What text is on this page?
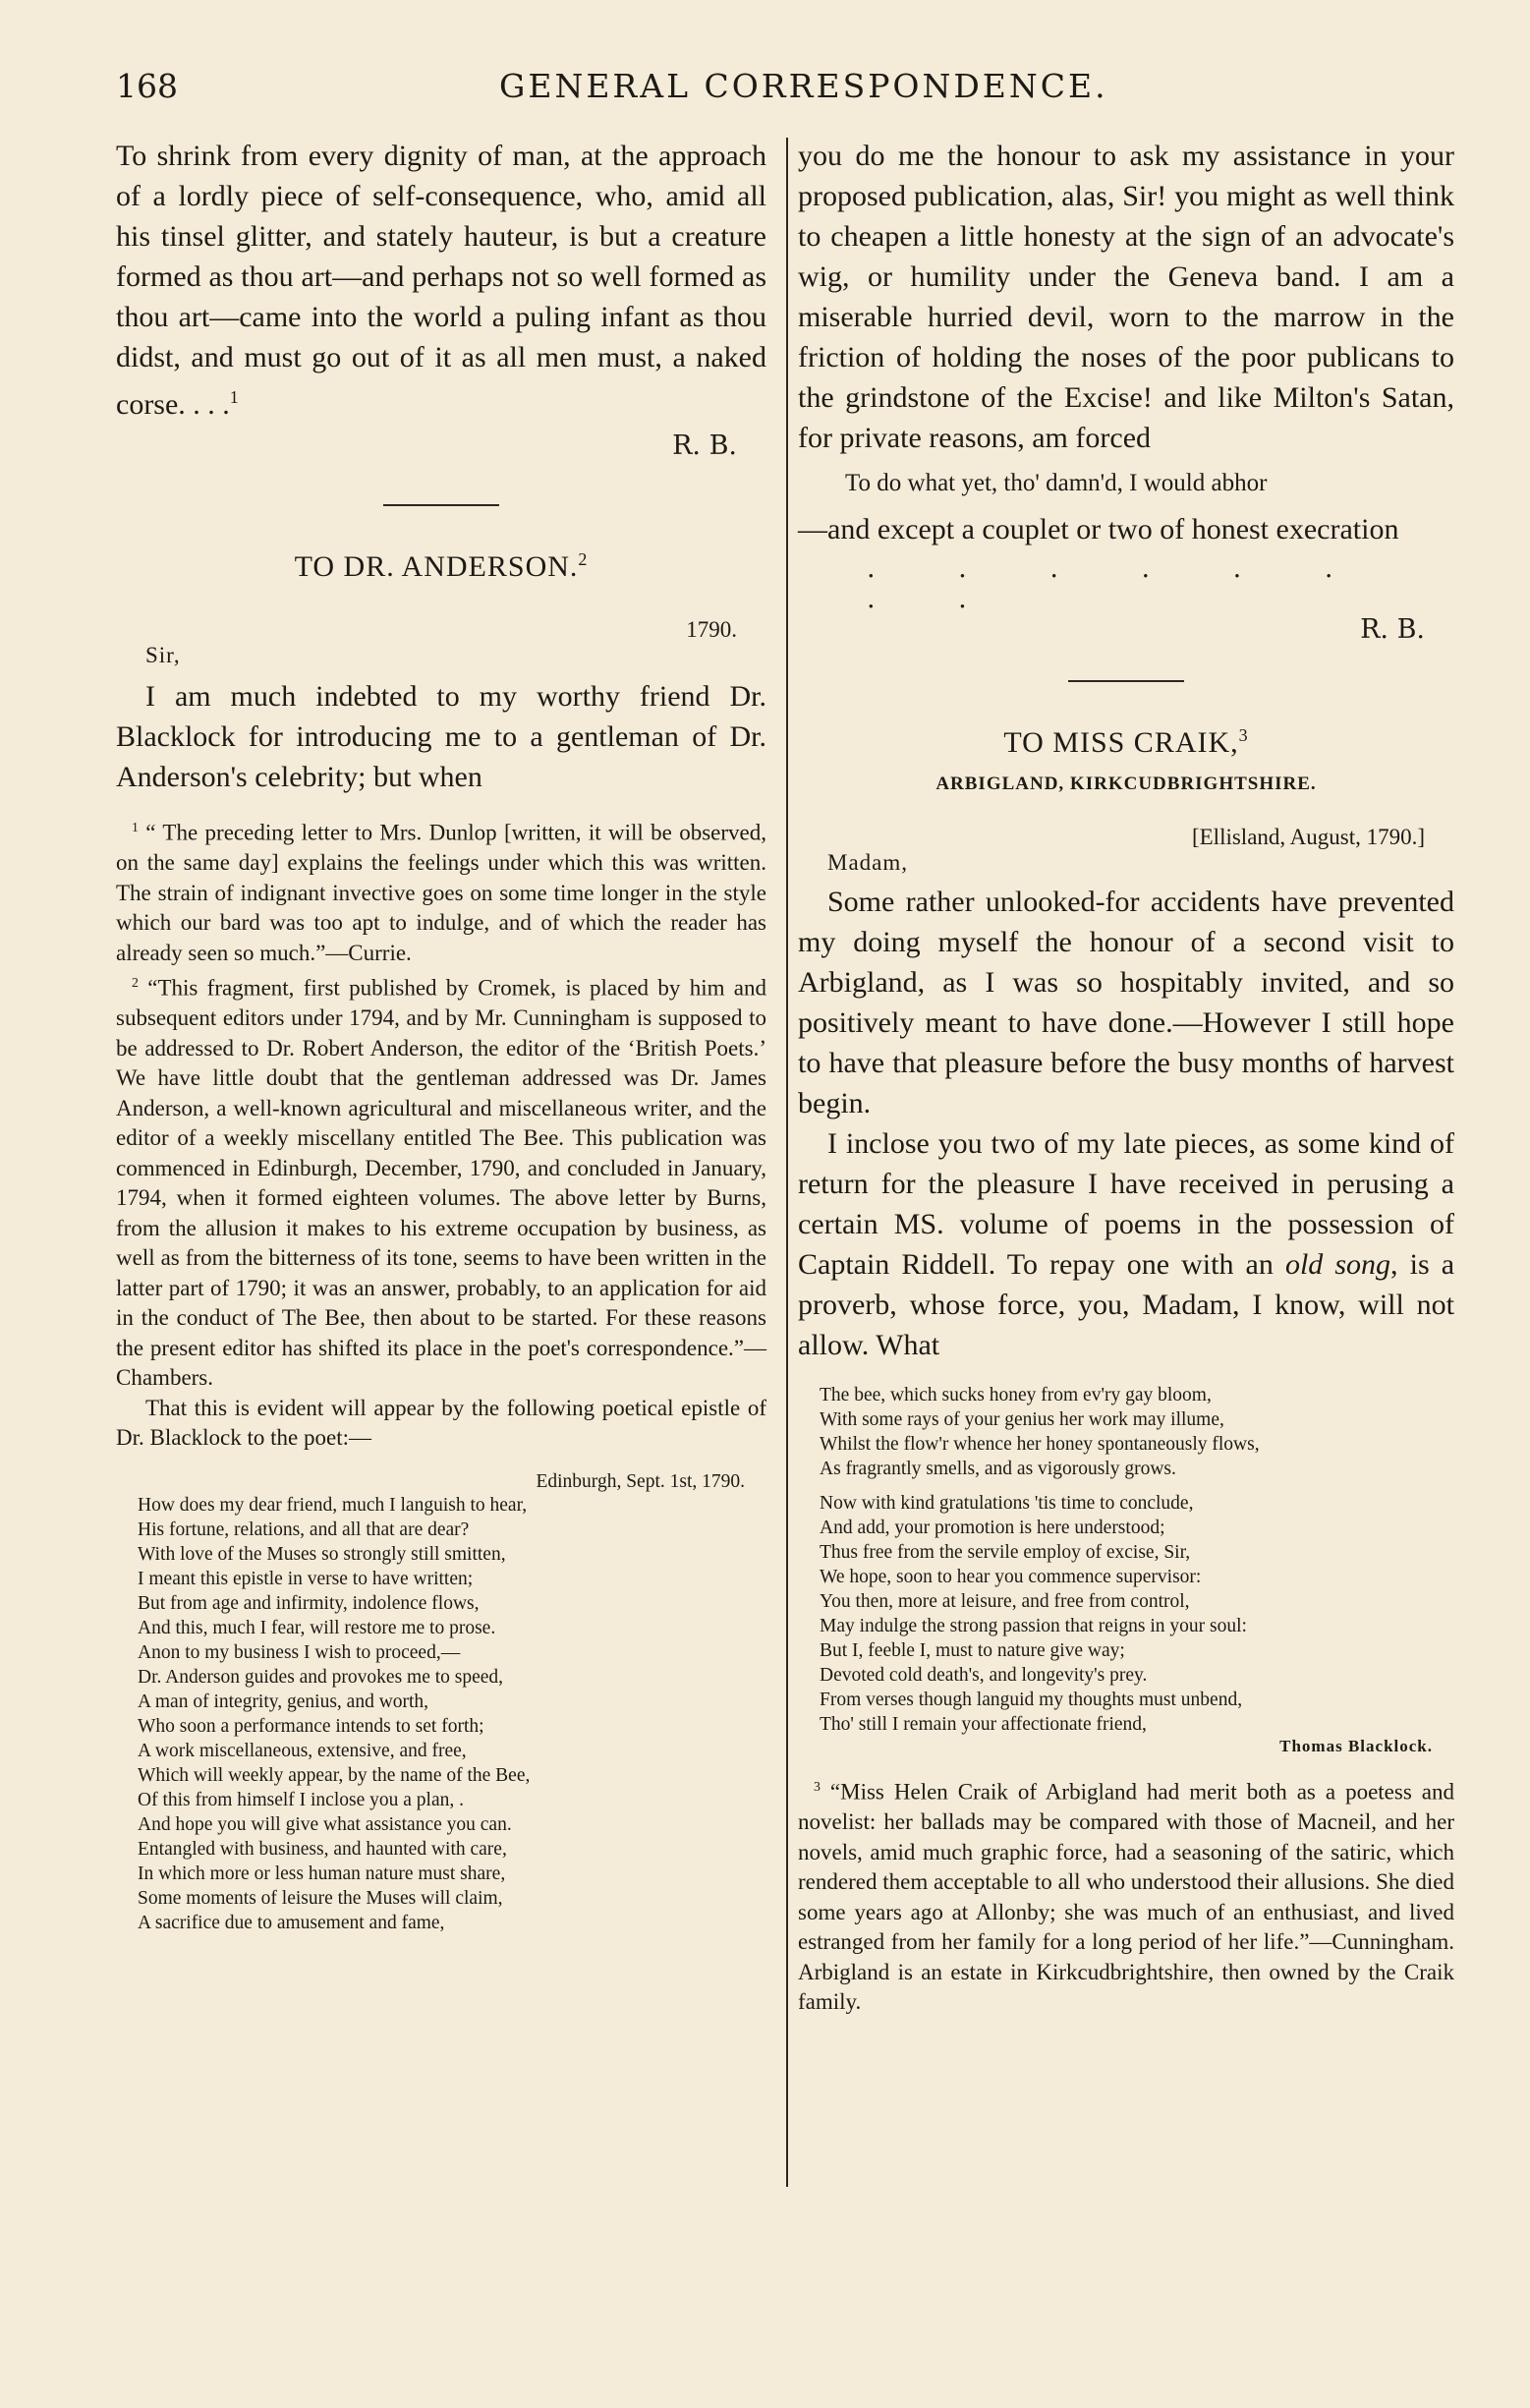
168	GENERAL CORRESPONDENCE.

To shrink from every dignity of man, at the approach of a lordly piece of self-consequence, who, amid all his tinsel glitter, and stately hauteur, is but a creature formed as thou art—and perhaps not so well formed as thou art—came into the world a puling infant as thou didst, and must go out of it as all men must, a naked corse. . . .$^1$

R. B.

TO DR. ANDERSON.$^2$

1790.

Sir,

I am much indebted to my worthy friend Dr. Blacklock for introducing me to a gentleman of Dr. Anderson's celebrity; but when

$^1$ “ The preceding letter to Mrs. Dunlop [written, it will be observed, on the same day] explains the feelings under which this was written. The strain of indignant invective goes on some time longer in the style which our bard was too apt to indulge, and of which the reader has already seen so much.”—Currie.

$^2$ “This fragment, first published by Cromek, is placed by him and subsequent editors under 1794, and by Mr. Cunningham is supposed to be addressed to Dr. Robert Anderson, the editor of the ‘British Poets.’ We have little doubt that the gentleman addressed was Dr. James Anderson, a well-known agricultural and miscellaneous writer, and the editor of a weekly miscellany entitled The Bee. This publication was commenced in Edinburgh, December, 1790, and concluded in January, 1794, when it formed eighteen volumes. The above letter by Burns, from the allusion it makes to his extreme occupation by business, as well as from the bitterness of its tone, seems to have been written in the latter part of 1790; it was an answer, probably, to an application for aid in the conduct of The Bee, then about to be started. For these reasons the present editor has shifted its place in the poet's correspondence.”—Chambers.

That this is evident will appear by the following poetical epistle of Dr. Blacklock to the poet:—

Edinburgh, Sept. 1st, 1790.

How does my dear friend, much I languish to hear,

His fortune, relations, and all that are dear?

With love of the Muses so strongly still smitten,

I meant this epistle in verse to have written;

But from age and infirmity, indolence flows,

And this, much I fear, will restore me to prose.

Anon to my business I wish to proceed,—

Dr. Anderson guides and provokes me to speed,

A man of integrity, genius, and worth,

Who soon a performance intends to set forth;

A work miscellaneous, extensive, and free,

Which will weekly appear, by the name of the Bee,

Of this from himself I inclose you a plan, .

And hope you will give what assistance you can.

Entangled with business, and haunted with care,

In which more or less human nature must share,

Some moments of leisure the Muses will claim,

A sacrifice due to amusement and fame,

you do me the honour to ask my assistance in your proposed publication, alas, Sir! you might as well think to cheapen a little honesty at the sign of an advocate's wig, or humility under the Geneva band. I am a miserable hurried devil, worn to the marrow in the friction of holding the noses of the poor publicans to the grindstone of the Excise! and like Milton's Satan, for private reasons, am forced

To do what yet, tho' damn'd, I would abhor

—and except a couplet or two of honest execration

. . . . . . . .

R. B.

TO MISS CRAIK,$^3$

ARBIGLAND, KIRKCUDBRIGHTSHIRE.

[Ellisland, August, 1790.]

Madam,

Some rather unlooked-for accidents have prevented my doing myself the honour of a second visit to Arbigland, as I was so hospitably invited, and so positively meant to have done.—However I still hope to have that pleasure before the busy months of harvest begin.

I inclose you two of my late pieces, as some kind of return for the pleasure I have received in perusing a certain MS. volume of poems in the possession of Captain Riddell. To repay one with an old song, is a proverb, whose force, you, Madam, I know, will not allow. What

The bee, which sucks honey from ev'ry gay bloom,

With some rays of your genius her work may illume,

Whilst the flow'r whence her honey spontaneously flows,

As fragrantly smells, and as vigorously grows.

Now with kind gratulations 'tis time to conclude,

And add, your promotion is here understood;

Thus free from the servile employ of excise, Sir,

We hope, soon to hear you commence supervisor:

You then, more at leisure, and free from control,

May indulge the strong passion that reigns in your soul:

But I, feeble I, must to nature give way;

Devoted cold death's, and longevity's prey.

From verses though languid my thoughts must unbend,

Tho' still I remain your affectionate friend,

Thomas Blacklock.

$^3$ “Miss Helen Craik of Arbigland had merit both as a poetess and novelist: her ballads may be compared with those of Macneil, and her novels, amid much graphic force, had a seasoning of the satiric, which rendered them acceptable to all who understood their allusions. She died some years ago at Allonby; she was much of an enthusiast, and lived estranged from her family for a long period of her life.”—Cunningham. Arbigland is an estate in Kirkcudbrightshire, then owned by the Craik family.
